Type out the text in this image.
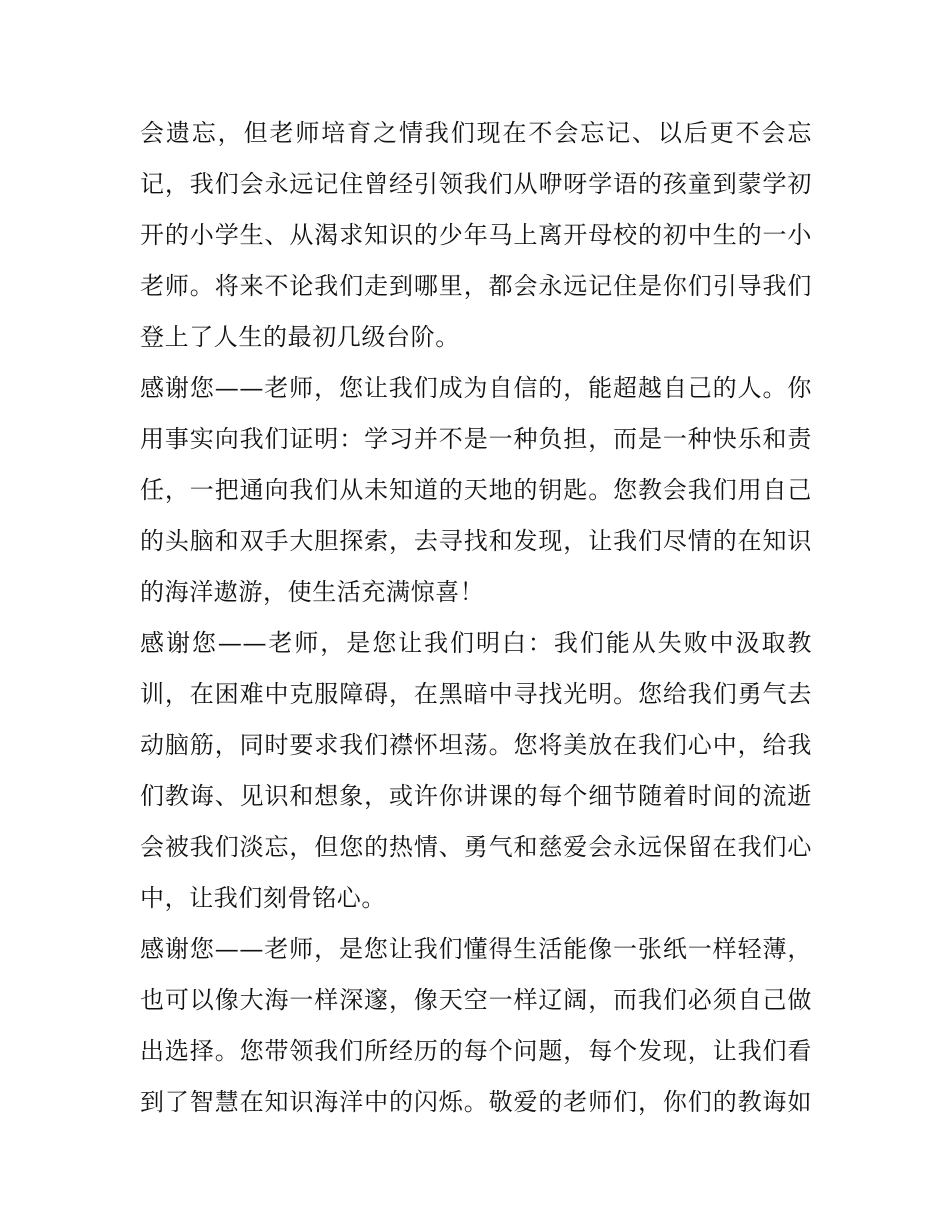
会遗忘，但老师培育之情我们现在不会忘记、以后更不会忘
记，我们会永远记住曾经引领我们从咿呀学语的孩童到蒙学初
开的小学生、从渴求知识的少年马上离开母校的初中生的一小
老师。将来不论我们走到哪里，都会永远记住是你们引导我们
登上了人生的最初几级台阶。
感谢您——老师，您让我们成为自信的，能超越自己的人。你
用事实向我们证明：学习并不是一种负担，而是一种快乐和责
任，一把通向我们从未知道的天地的钥匙。您教会我们用自己
的头脑和双手大胆探索，去寻找和发现，让我们尽情的在知识
的海洋遨游，使生活充满惊喜！
感谢您——老师，是您让我们明白：我们能从失败中汲取教
训，在困难中克服障碍，在黑暗中寻找光明。您给我们勇气去
动脑筋，同时要求我们襟怀坦荡。您将美放在我们心中，给我
们教诲、见识和想象，或许你讲课的每个细节随着时间的流逝
会被我们淡忘，但您的热情、勇气和慈爱会永远保留在我们心
中，让我们刻骨铭心。
感谢您——老师，是您让我们懂得生活能像一张纸一样轻薄，
也可以像大海一样深邃，像天空一样辽阔，而我们必须自己做
出选择。您带领我们所经历的每个问题，每个发现，让我们看
到了智慧在知识海洋中的闪烁。敬爱的老师们，你们的教诲如
